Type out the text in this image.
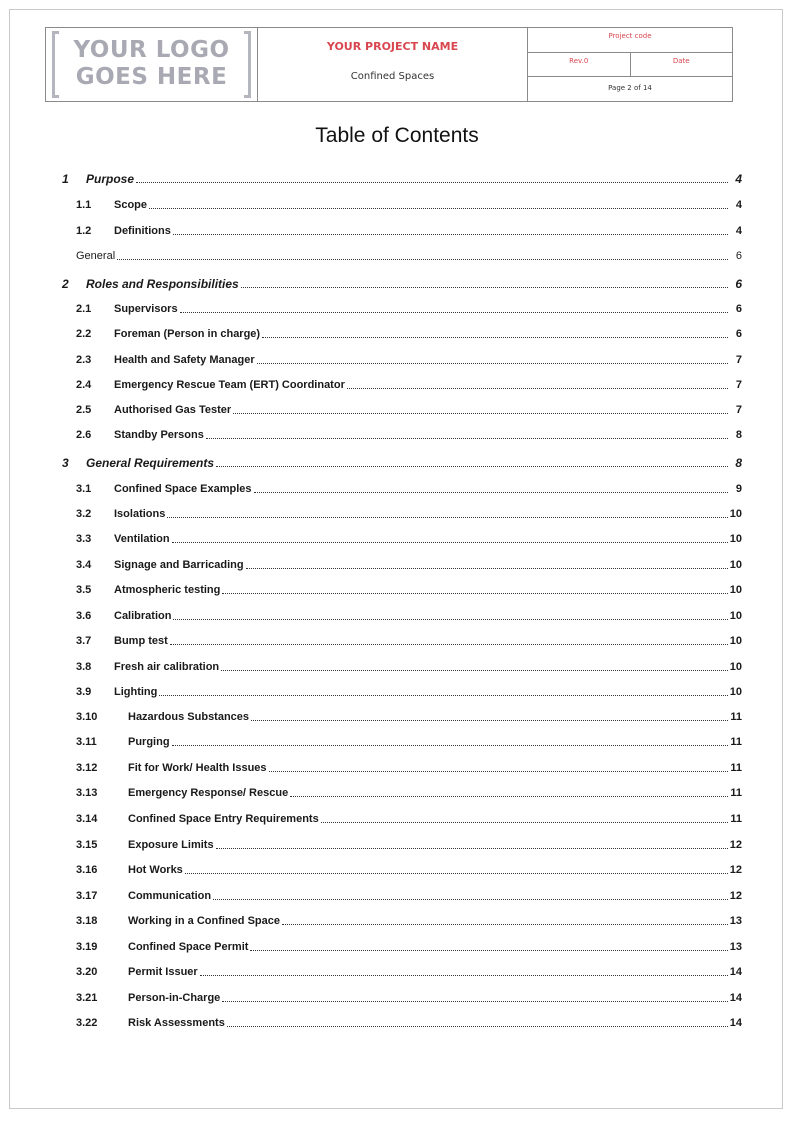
YOUR LOGO
GOES HERE
YOUR PROJECT NAME
Confined Spaces
Project code
Rev.0	Date
Page 2 of 14
Table of Contents
1	Purpose	4
1.1	Scope	4
1.2	Definitions	4
General	6
2	Roles and Responsibilities	6
2.1	Supervisors	6
2.2	Foreman (Person in charge)	6
2.3	Health and Safety Manager	7
2.4	Emergency Rescue Team (ERT) Coordinator	7
2.5	Authorised Gas Tester	7
2.6	Standby Persons	8
3	General Requirements	8
3.1	Confined Space Examples	9
3.2	Isolations	10
3.3	Ventilation	10
3.4	Signage and Barricading	10
3.5	Atmospheric testing	10
3.6	Calibration	10
3.7	Bump test	10
3.8	Fresh air calibration	10
3.9	Lighting	10
3.10	Hazardous Substances	11
3.11	Purging	11
3.12	Fit for Work/ Health Issues	11
3.13	Emergency Response/ Rescue	11
3.14	Confined Space Entry Requirements	11
3.15	Exposure Limits	12
3.16	Hot Works	12
3.17	Communication	12
3.18	Working in a Confined Space	13
3.19	Confined Space Permit	13
3.20	Permit Issuer	14
3.21	Person-in-Charge	14
3.22	Risk Assessments	14
